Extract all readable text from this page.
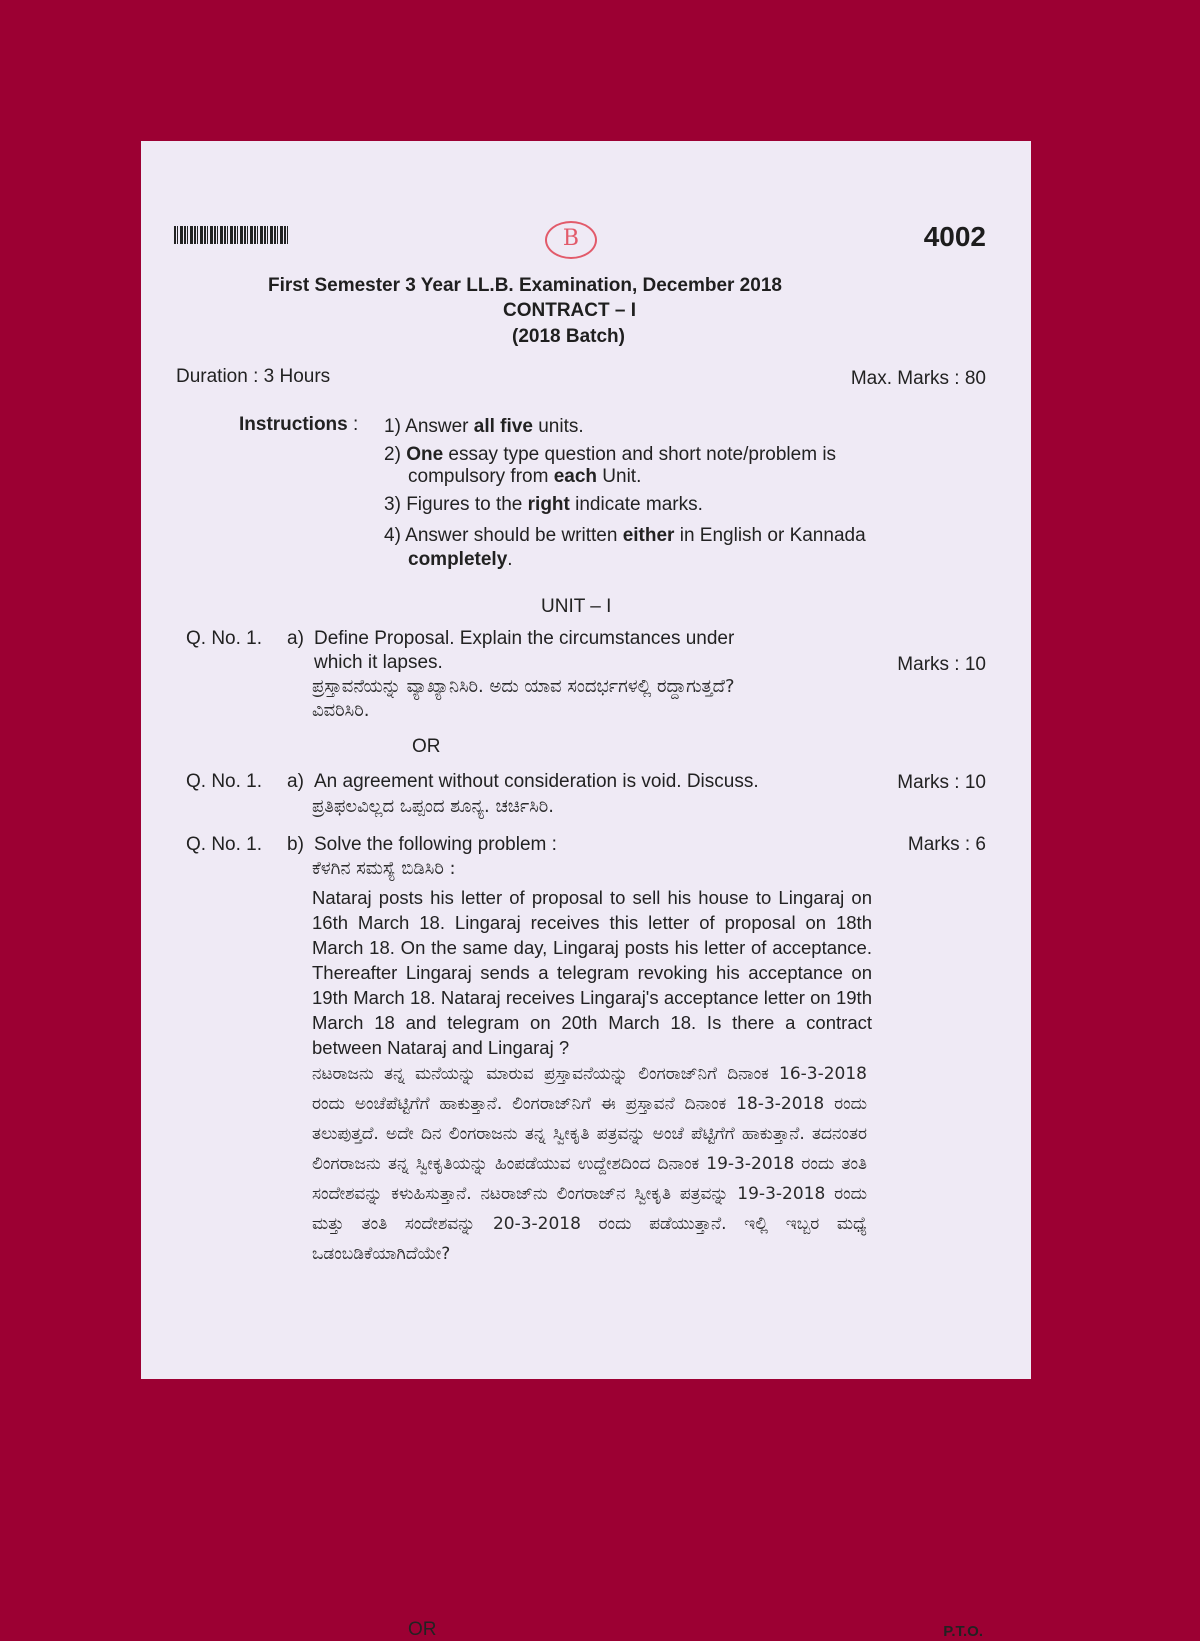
B	4002
First Semester 3 Year LL.B. Examination, December 2018
CONTRACT – I
(2018 Batch)
Duration : 3 Hours	Max. Marks : 80
Instructions : 1) Answer all five units.
2) One essay type question and short note/problem is
compulsory from each Unit.
3) Figures to the right indicate marks.
4) Answer should be written either in English or Kannada
completely.
UNIT – I
Q. No. 1. a) Define Proposal. Explain the circumstances under
which it lapses.	Marks : 10
ಪ್ರಸ್ತಾವನೆಯನ್ನು ವ್ಯಾಖ್ಯಾನಿಸಿರಿ. ಅದು ಯಾವ ಸಂದರ್ಭಗಳಲ್ಲಿ ರದ್ದಾಗುತ್ತದೆ?
ವಿವರಿಸಿರಿ.
OR
Q. No. 1. a) An agreement without consideration is void. Discuss.	Marks : 10
ಪ್ರತಿಫಲವಿಲ್ಲದ ಒಪ್ಪಂದ ಶೂನ್ಯ. ಚರ್ಚಿಸಿರಿ.
Q. No. 1. b) Solve the following problem :	Marks : 6
ಕೆಳಗಿನ ಸಮಸ್ಯೆ ಬಿಡಿಸಿರಿ :
Nataraj posts his letter of proposal to sell his house to Lingaraj on 16th March 18. Lingaraj receives this letter of proposal on 18th March 18. On the same day, Lingaraj posts his letter of acceptance. Thereafter Lingaraj sends a telegram revoking his acceptance on 19th March 18. Nataraj receives Lingaraj's acceptance letter on 19th March 18 and telegram on 20th March 18. Is there a contract between Nataraj and Lingaraj ?
ನಟರಾಜನು ತನ್ನ ಮನೆಯನ್ನು ಮಾರುವ ಪ್ರಸ್ತಾವನೆಯನ್ನು ಲಿಂಗರಾಜ್‌ನಿಗೆ ದಿನಾಂಕ 16-3-2018 ರಂದು ಅಂಚೆಪೆಟ್ಟಿಗೆಗೆ ಹಾಕುತ್ತಾನೆ. ಲಿಂಗರಾಜ್‌ನಿಗೆ ಈ ಪ್ರಸ್ತಾವನೆ ದಿನಾಂಕ 18-3-2018 ರಂದು ತಲುಪುತ್ತದೆ. ಅದೇ ದಿನ ಲಿಂಗರಾಜನು ತನ್ನ ಸ್ವೀಕೃತಿ ಪತ್ರವನ್ನು ಅಂಚೆ ಪೆಟ್ಟಿಗೆಗೆ ಹಾಕುತ್ತಾನೆ. ತದನಂತರ ಲಿಂಗರಾಜನು ತನ್ನ ಸ್ವೀಕೃತಿಯನ್ನು ಹಿಂಪಡೆಯುವ ಉದ್ದೇಶದಿಂದ ದಿನಾಂಕ 19-3-2018 ರಂದು ತಂತಿ ಸಂದೇಶವನ್ನು ಕಳುಹಿಸುತ್ತಾನೆ. ನಟರಾಜ್‌ನು ಲಿಂಗರಾಜ್‌ನ ಸ್ವೀಕೃತಿ ಪತ್ರವನ್ನು 19-3-2018 ರಂದು ಮತ್ತು ತಂತಿ ಸಂದೇಶವನ್ನು 20-3-2018 ರಂದು ಪಡೆಯುತ್ತಾನೆ. ಇಲ್ಲಿ ಇಬ್ಬರ ಮಧ್ಯೆ ಒಡಂಬಡಿಕೆಯಾಗಿದೆಯೇ?
OR	P.T.O.
